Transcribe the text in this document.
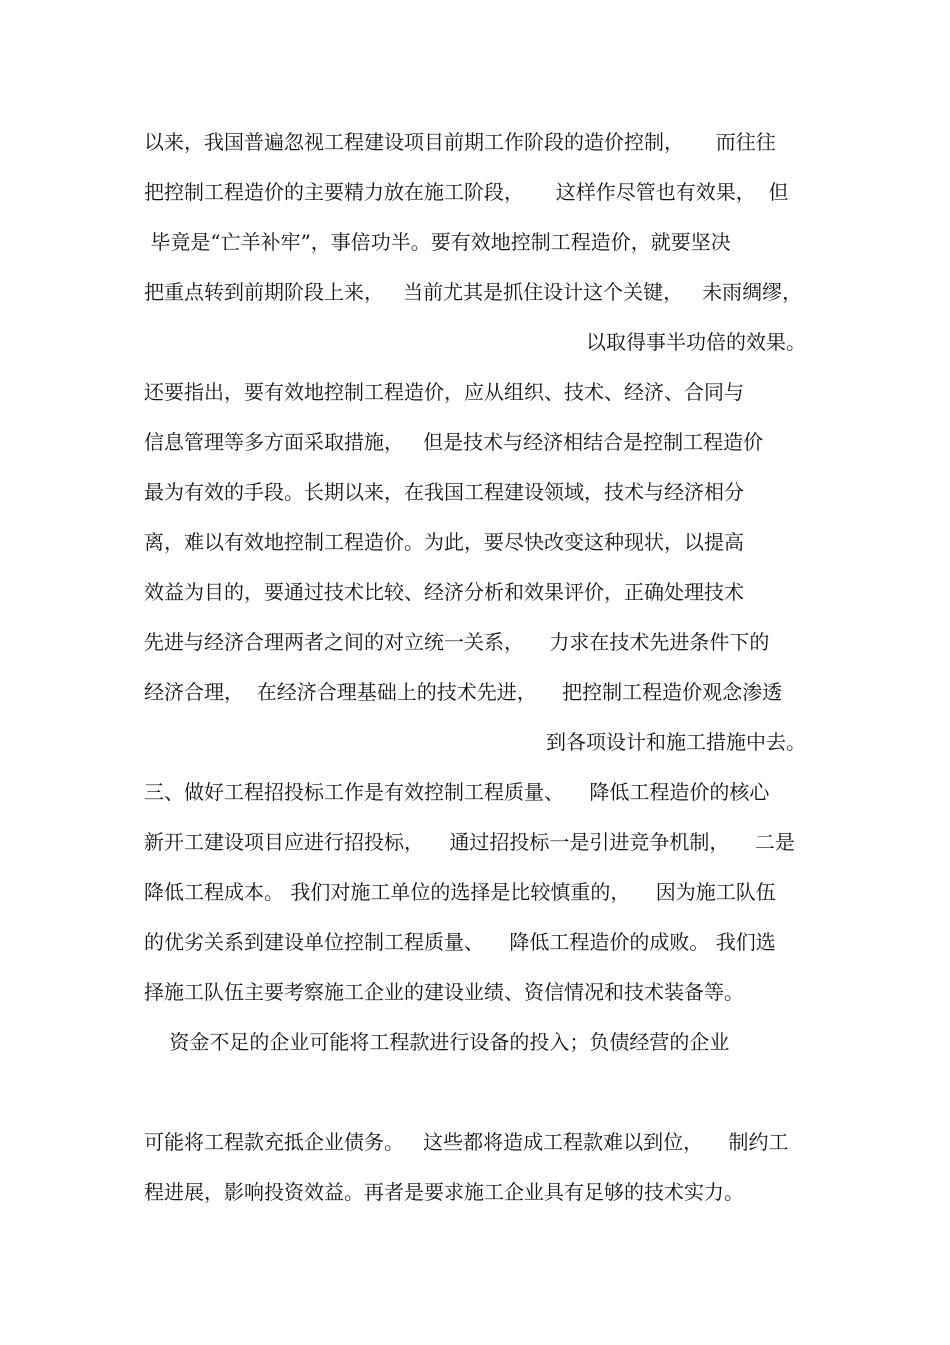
以来，我国普遍忽视工程建设项目前期工作阶段的造价控制，     而往往
把控制工程造价的主要精力放在施工阶段，     这样作尽管也有效果，  但
毕竟是“亡羊补牢”，事倍功半。要有效地控制工程造价，就要坚决
把重点转到前期阶段上来，   当前尤其是抓住设计这个关键，   未雨绸缪，
以取得事半功倍的效果。
还要指出，要有效地控制工程造价，应从组织、技术、经济、合同与
信息管理等多方面采取措施，   但是技术与经济相结合是控制工程造价
最为有效的手段。长期以来，在我国工程建设领域，技术与经济相分
离，难以有效地控制工程造价。为此，要尽快改变这种现状，以提高
效益为目的，要通过技术比较、经济分析和效果评价，正确处理技术
先进与经济合理两者之间的对立统一关系，    力求在技术先进条件下的
经济合理，  在经济合理基础上的技术先进，    把控制工程造价观念渗透
到各项设计和施工措施中去。
三、做好工程招投标工作是有效控制工程质量、    降低工程造价的核心
新开工建设项目应进行招投标，    通过招投标一是引进竞争机制，    二是
降低工程成本。 我们对施工单位的选择是比较慎重的，    因为施工队伍
的优劣关系到建设单位控制工程质量、    降低工程造价的成败。 我们选
择施工队伍主要考察施工企业的建设业绩、资信情况和技术装备等。
资金不足的企业可能将工程款进行设备的投入；负债经营的企业
可能将工程款充抵企业债务。   这些都将造成工程款难以到位，    制约工
程进展，影响投资效益。再者是要求施工企业具有足够的技术实力。
